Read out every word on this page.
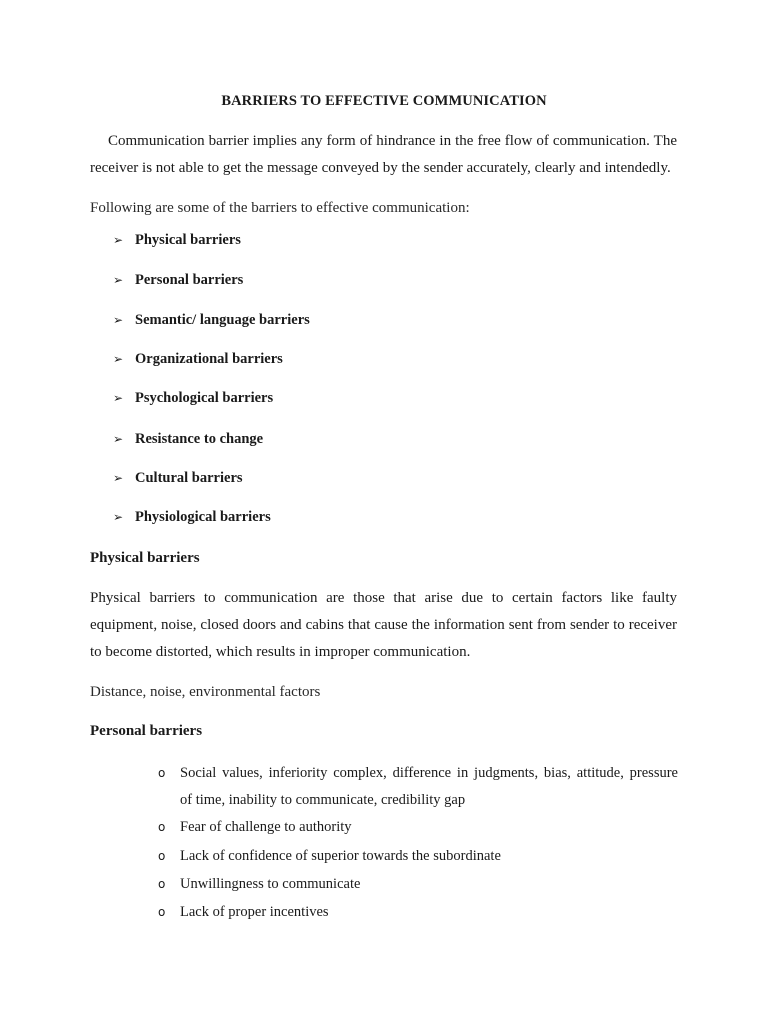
BARRIERS TO EFFECTIVE COMMUNICATION
Communication barrier implies any form of hindrance in the free flow of communication. The
receiver is not able to get the message conveyed by the sender accurately, clearly and intendedly.
Following are some of the barriers to effective communication:
➢ Physical barriers
➢ Personal barriers
➢ Semantic/ language barriers
➢ Organizational barriers
➢ Psychological barriers
➢ Resistance to change
➢ Cultural barriers
➢ Physiological barriers
Physical barriers
Physical barriers to communication are those that arise due to certain factors like faulty
equipment, noise, closed doors and cabins that cause the information sent from sender to receiver
to become distorted, which results in improper communication.
Distance, noise, environmental factors
Personal barriers
o	Social values, inferiority complex, difference in judgments, bias, attitude, pressure
of time, inability to communicate, credibility gap
o	Fear of challenge to authority
o	Lack of confidence of superior towards the subordinate
o	Unwillingness to communicate
o	Lack of proper incentives
